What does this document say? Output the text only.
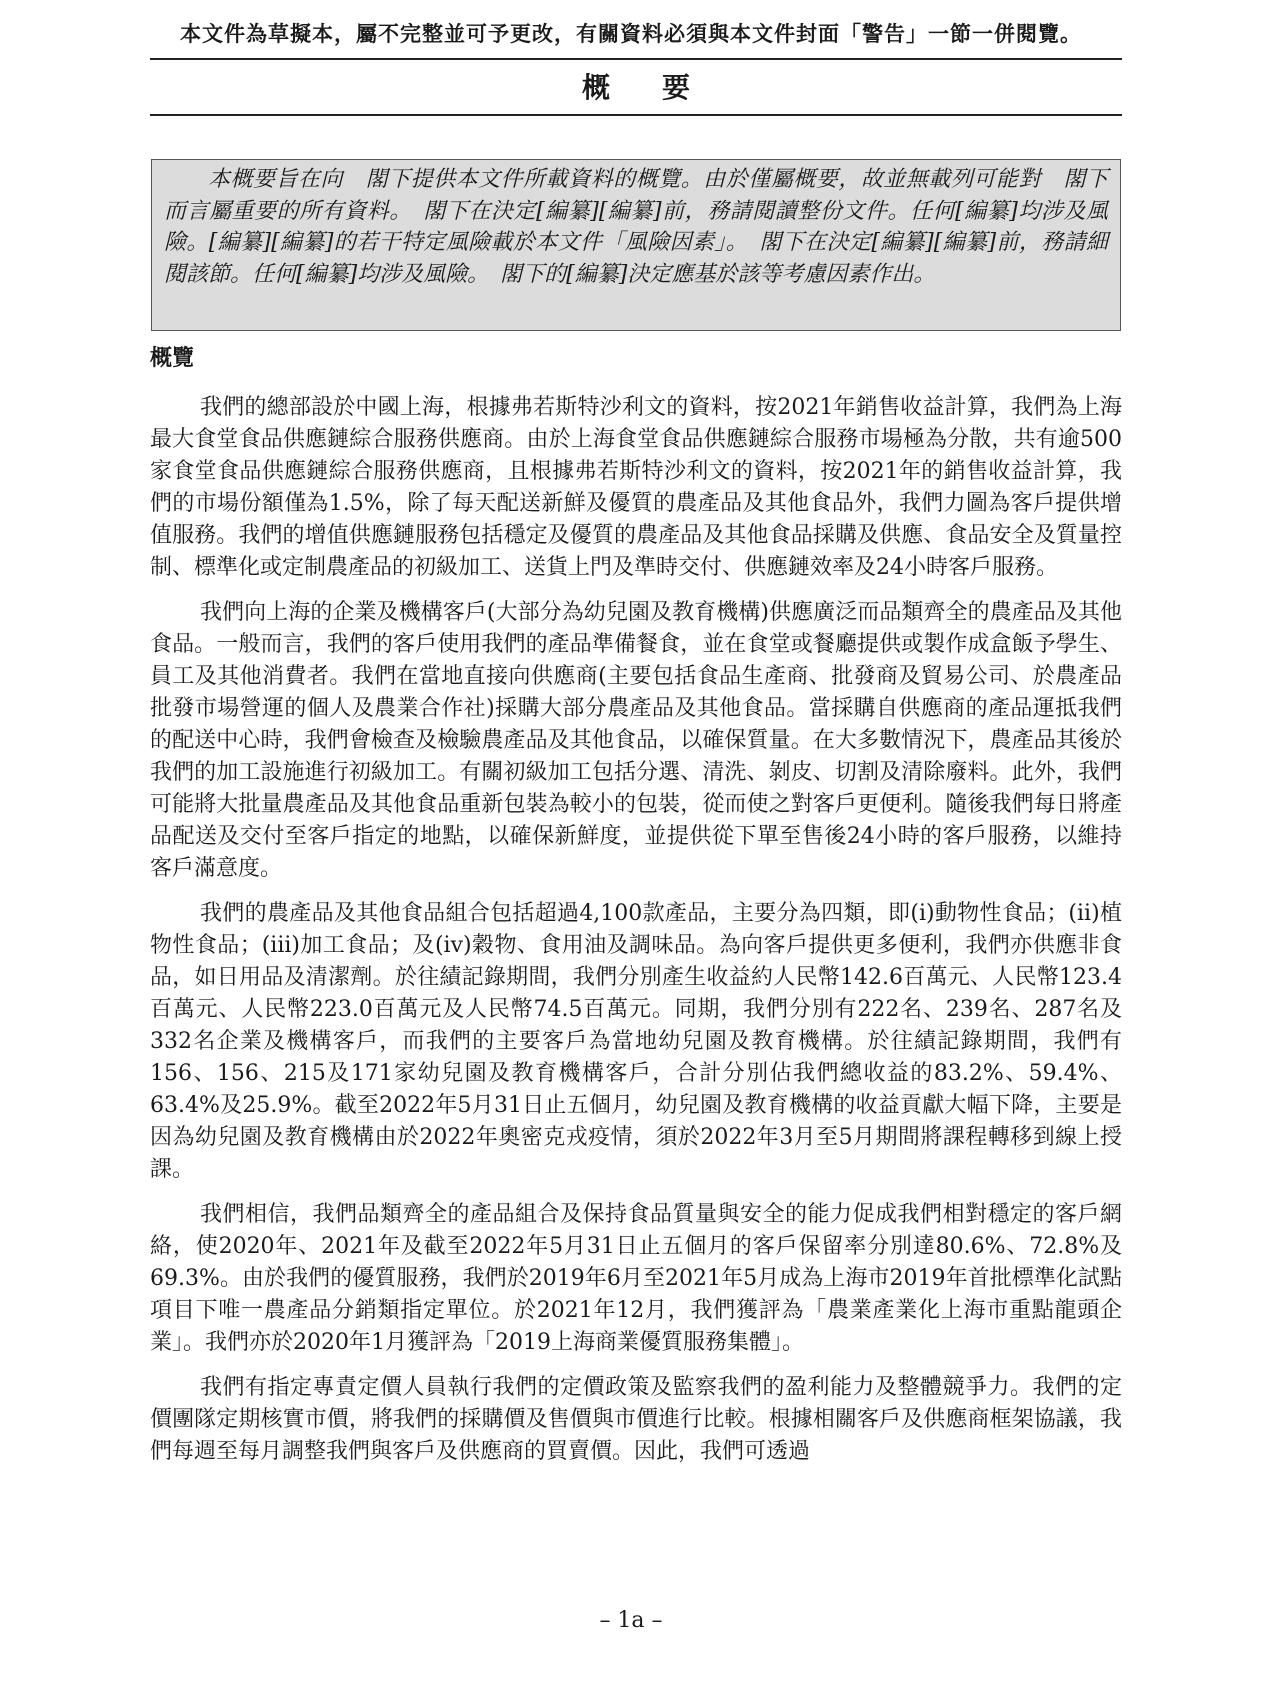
本文件為草擬本，屬不完整並可予更改，有關資料必須與本文件封面「警告」一節一併閱覽。
概要
本概要旨在向　閣下提供本文件所載資料的概覽。由於僅屬概要，故並無載列可能對　閣下而言屬重要的所有資料。　閣下在決定[編纂][編纂]前，務請閱讀整份文件。任何[編纂]均涉及風險。[編纂][編纂]的若干特定風險載於本文件「風險因素」。　閣下在決定[編纂][編纂]前，務請細閱該節。任何[編纂]均涉及風險。　閣下的[編纂]決定應基於該等考慮因素作出。
概覽

我們的總部設於中國上海，根據弗若斯特沙利文的資料，按2021年銷售收益計算，我們為上海最大食堂食品供應鏈綜合服務供應商。由於上海食堂食品供應鏈綜合服務市場極為分散，共有逾500家食堂食品供應鏈綜合服務供應商，且根據弗若斯特沙利文的資料，按2021年的銷售收益計算，我們的市場份額僅為1.5%，除了每天配送新鮮及優質的農產品及其他食品外，我們力圖為客戶提供增值服務。我們的增值供應鏈服務包括穩定及優質的農產品及其他食品採購及供應、食品安全及質量控制、標準化或定制農產品的初級加工、送貨上門及準時交付、供應鏈效率及24小時客戶服務。

我們向上海的企業及機構客戶(大部分為幼兒園及教育機構)供應廣泛而品類齊全的農產品及其他食品。一般而言，我們的客戶使用我們的產品準備餐食，並在食堂或餐廳提供或製作成盒飯予學生、員工及其他消費者。我們在當地直接向供應商(主要包括食品生產商、批發商及貿易公司、於農產品批發市場營運的個人及農業合作社)採購大部分農產品及其他食品。當採購自供應商的產品運抵我們的配送中心時，我們會檢查及檢驗農產品及其他食品，以確保質量。在大多數情況下，農產品其後於我們的加工設施進行初級加工。有關初級加工包括分選、清洗、剝皮、切割及清除廢料。此外，我們可能將大批量農產品及其他食品重新包裝為較小的包裝，從而使之對客戶更便利。隨後我們每日將產品配送及交付至客戶指定的地點，以確保新鮮度，並提供從下單至售後24小時的客戶服務，以維持客戶滿意度。

我們的農產品及其他食品組合包括超過4,100款產品，主要分為四類，即(i)動物性食品；(ii)植物性食品；(iii)加工食品；及(iv)穀物、食用油及調味品。為向客戶提供更多便利，我們亦供應非食品，如日用品及清潔劑。於往績記錄期間，我們分別產生收益約人民幣142.6百萬元、人民幣123.4百萬元、人民幣223.0百萬元及人民幣74.5百萬元。同期，我們分別有222名、239名、287名及332名企業及機構客戶，而我們的主要客戶為當地幼兒園及教育機構。於往績記錄期間，我們有156、156、215及171家幼兒園及教育機構客戶，合計分別佔我們總收益的83.2%、59.4%、63.4%及25.9%。截至2022年5月31日止五個月，幼兒園及教育機構的收益貢獻大幅下降，主要是因為幼兒園及教育機構由於2022年奧密克戎疫情，須於2022年3月至5月期間將課程轉移到線上授課。

我們相信，我們品類齊全的產品組合及保持食品質量與安全的能力促成我們相對穩定的客戶網絡，使2020年、2021年及截至2022年5月31日止五個月的客戶保留率分別達80.6%、72.8%及69.3%。由於我們的優質服務，我們於2019年6月至2021年5月成為上海市2019年首批標準化試點項目下唯一農產品分銷類指定單位。於2021年12月，我們獲評為「農業產業化上海市重點龍頭企業」。我們亦於2020年1月獲評為「2019上海商業優質服務集體」。

我們有指定專責定價人員執行我們的定價政策及監察我們的盈利能力及整體競爭力。我們的定價團隊定期核實市價，將我們的採購價及售價與市價進行比較。根據相關客戶及供應商框架協議，我們每週至每月調整我們與客戶及供應商的買賣價。因此，我們可透過

– 1a –
